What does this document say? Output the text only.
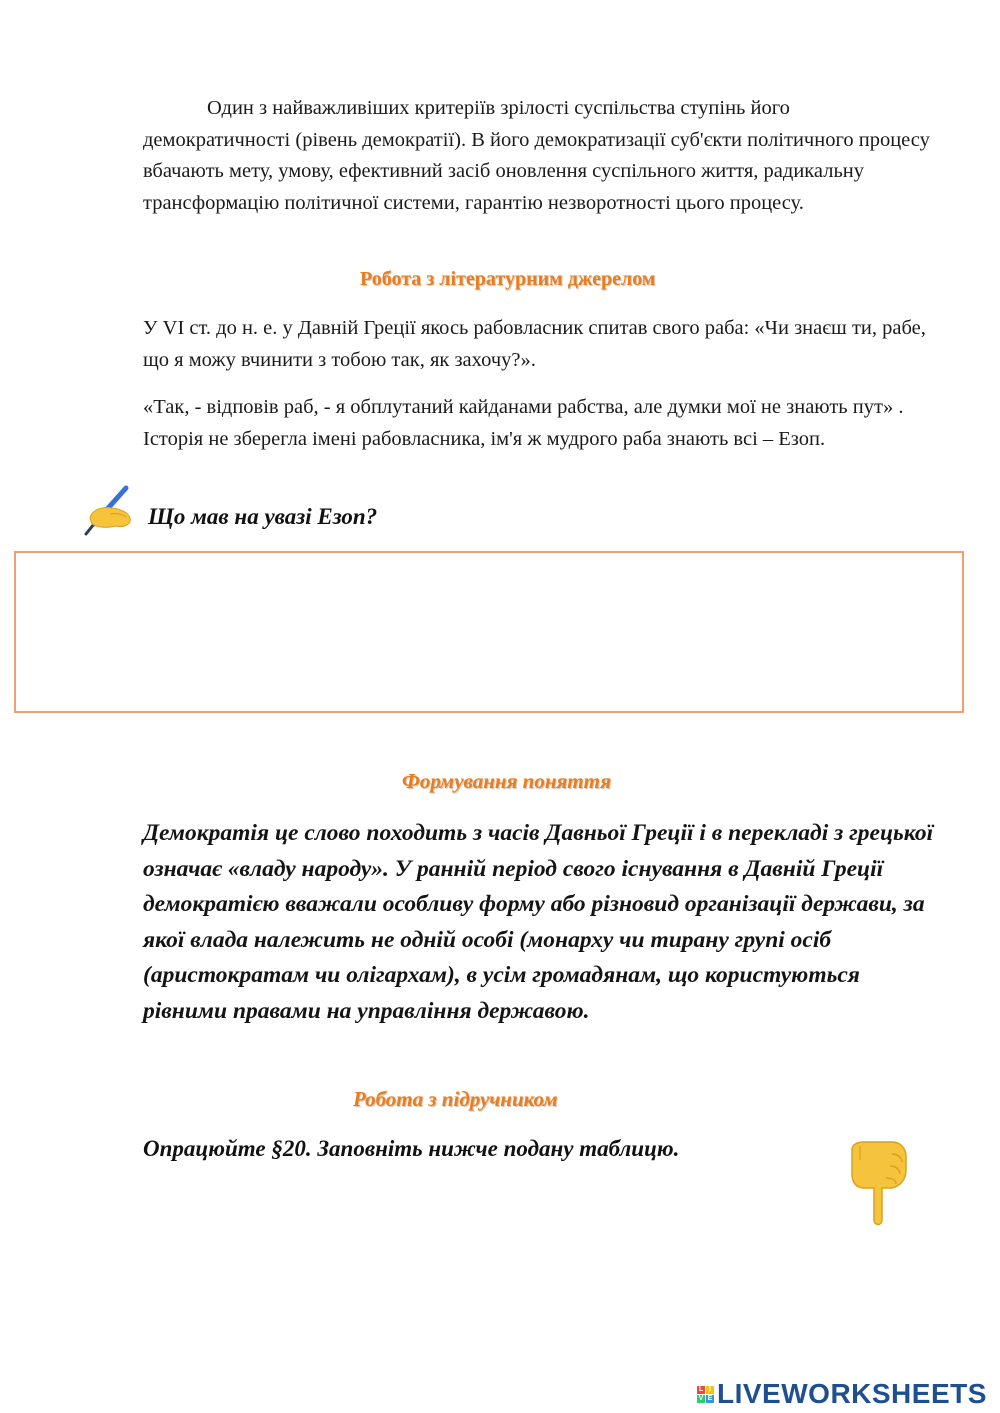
Один з найважливіших критеріїв зрілості суспільства ступінь його демократичності (рівень демократії). В його демократизації суб'єкти політичного процесу вбачають мету, умову, ефективний засіб оновлення суспільного життя, радикальну трансформацію політичної системи, гарантію незворотності цього процесу.
Робота з літературним джерелом
У VI ст. до н. е. у Давній Греції якось рабовласник спитав свого раба: «Чи знаєш ти, рабе, що я можу вчинити з тобою так, як захочу?».
«Так, - відповів раб, - я обплутаний кайданами рабства, але думки мої не знають пут» . Історія не зберегла імені рабовласника, ім'я ж мудрого раба знають всі – Езоп.
Що мав на увазі Езоп?
Формування поняття
Демократія це слово походить з часів Давньої Греції і в перекладі з грецької означає «владу народу». У ранній період свого існування в Давній Греції демократією вважали особливу форму або різновид організації держави, за якої влада належить не одній особі (монарху чи тирану групі осіб (аристократам чи олігархам), в усім громадянам, що користуються рівними правами на управління державою.
Робота з підручником
Опрацюйте §20. Заповніть нижче подану таблицю.
L I
V E LIVEWORKSHEETS
